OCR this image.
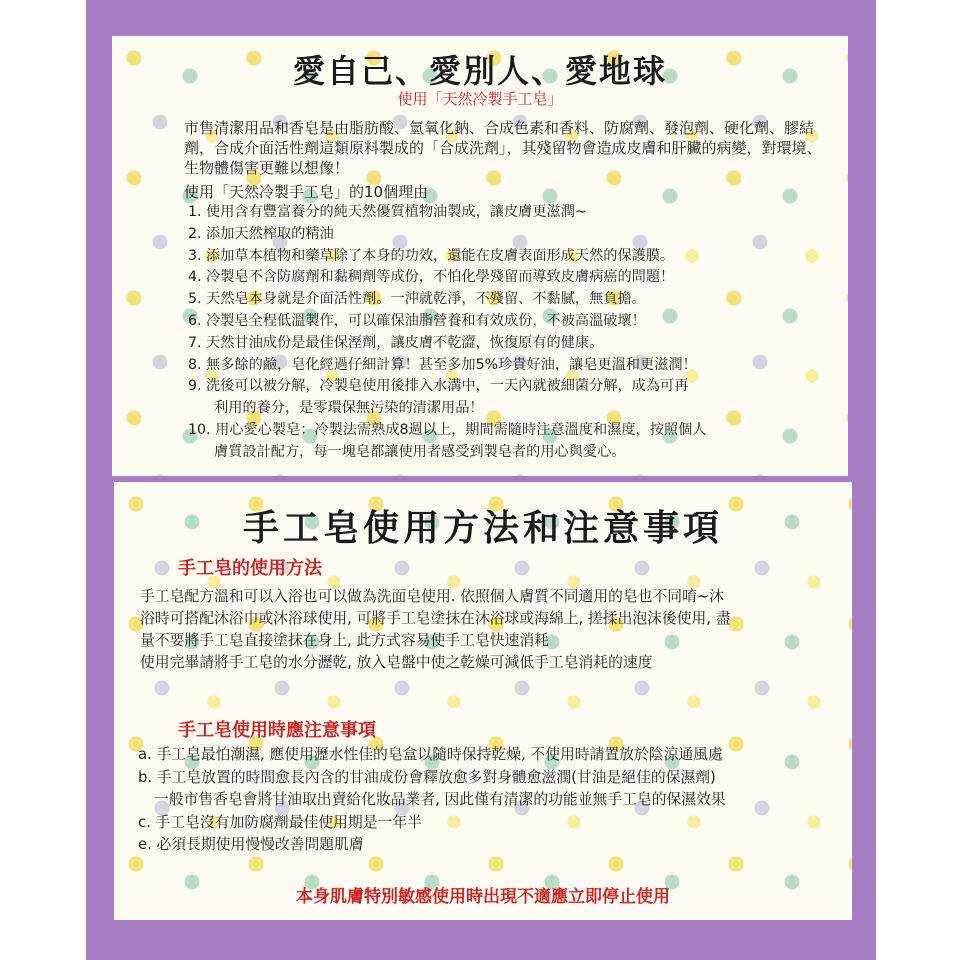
愛自己、愛別人、愛地球
使用「天然冷製手工皂」
市售清潔用品和香皂是由脂肪酸、氫氧化鈉、合成色素和香料、防腐劑、發泡劑、硬化劑、膠結劑，合成介面活性劑這類原料製成的「合成洗劑」，其殘留物會造成皮膚和肝臟的病變，對環境、生物體傷害更難以想像！
使用「天然冷製手工皂」的10個理由
1. 使用含有豐富養分的純天然優質植物油製成，讓皮膚更滋潤~
2. 添加天然榨取的精油
3. 添加草本植物和藥草除了本身的功效，還能在皮膚表面形成天然的保護膜。
4. 冷製皂不含防腐劑和黏稠劑等成份，不怕化學殘留而導致皮膚病癌的問題！
5. 天然皂本身就是介面活性劑。一沖就乾淨，不殘留、不黏膩，無負擔。
6. 冷製皂全程低溫製作，可以確保油脂營養和有效成份，不被高溫破壞！
7. 天然甘油成份是最佳保溼劑，讓皮膚不乾澀，恢復原有的健康。
8. 無多餘的鹼，皂化經過仔細計算！甚至多加5%珍貴好油，讓皂更溫和更滋潤！
9. 洗後可以被分解，冷製皂使用後排入水溝中，一天內就被細菌分解，成為可再
利用的養分，是零環保無污染的清潔用品！
10. 用心愛心製皂：冷製法需熟成8週以上，期間需隨時注意溫度和濕度，按照個人
膚質設計配方，每一塊皂都讓使用者感受到製皂者的用心與愛心。
手工皂使用方法和注意事項
手工皂的使用方法
手工皂配方溫和可以入浴也可以做為洗面皂使用. 依照個人膚質不同適用的皂也不同唷~沐
浴時可搭配沐浴巾或沐浴球使用, 可將手工皂塗抹在沐浴球或海綿上, 搓揉出泡沫後使用, 盡
量不要將手工皂直接塗抹在身上, 此方式容易使手工皂快速消耗
使用完畢請將手工皂的水分瀝乾, 放入皂盤中使之乾燥可減低手工皂消耗的速度
手工皂使用時應注意事項
a. 手工皂最怕潮濕, 應使用瀝水性佳的皂盒以隨時保持乾燥, 不使用時請置放於陰涼通風處
b. 手工皂放置的時間愈長內含的甘油成份會釋放愈多對身體愈滋潤(甘油是絕佳的保濕劑)
一般市售香皂會將甘油取出賣給化妝品業者, 因此僅有清潔的功能並無手工皂的保濕效果
c. 手工皂沒有加防腐劑最佳使用期是一年半
e. 必須長期使用慢慢改善問題肌膚
本身肌膚特別敏感使用時出現不適應立即停止使用
